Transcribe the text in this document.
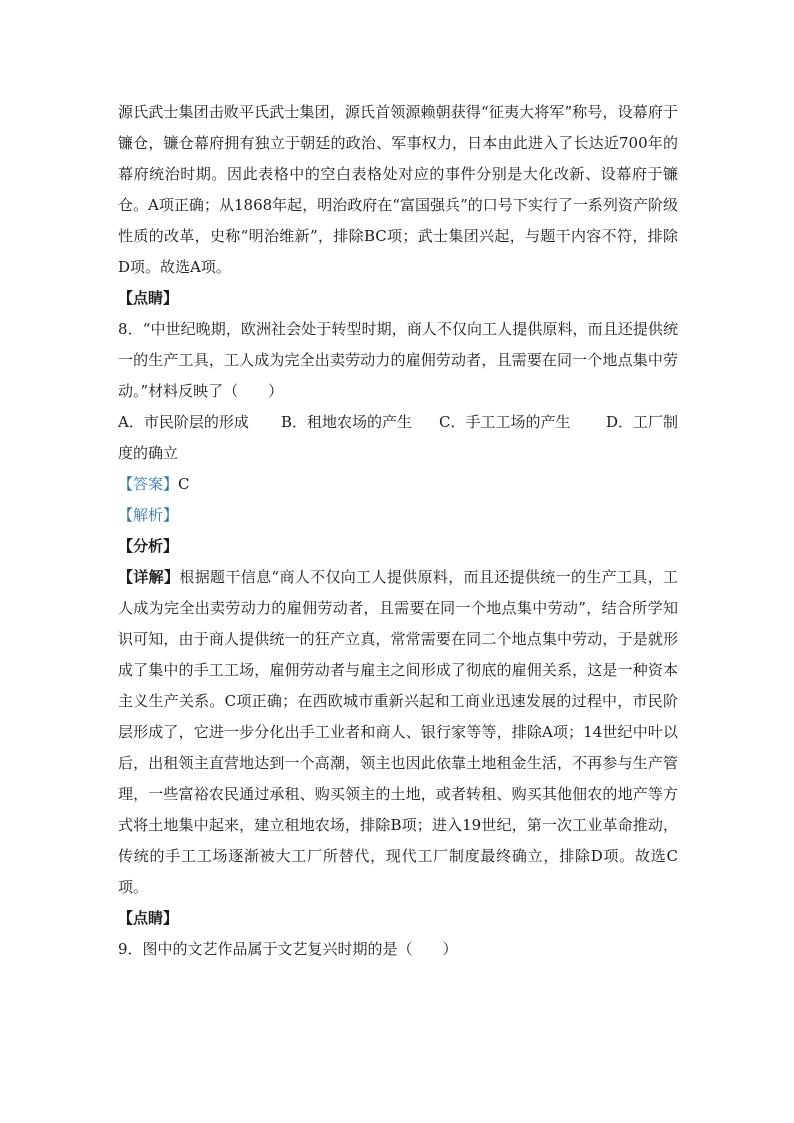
源氏武士集团击败平氏武士集团，源氏首领源赖朝获得“征夷大将军”称号，设幕府于镰仓，镰仓幕府拥有独立于朝廷的政治、军事权力，日本由此进入了长达近700年的幕府统治时期。因此表格中的空白表格处对应的事件分别是大化改新、设幕府于镰仓。A项正确；从1868年起，明治政府在“富国强兵”的口号下实行了一系列资产阶级性质的改革，史称“明治维新”，排除BC项；武士集团兴起，与题干内容不符，排除D项。故选A项。

【点睛】

8．“中世纪晚期，欧洲社会处于转型时期，商人不仅向工人提供原料，而且还提供统一的生产工具，工人成为完全出卖劳动力的雇佣劳动者，且需要在同一个地点集中劳动。”材料反映了（　　）

A．市民阶层的形成	B．租地农场的产生	C．手工工场的产生	D．工厂制

度的确立

【答案】C

【解析】

【分析】

【详解】根据题干信息“商人不仅向工人提供原料，而且还提供统一的生产工具，工人成为完全出卖劳动力的雇佣劳动者，且需要在同一个地点集中劳动”，结合所学知识可知，由于商人提供统一的狂产立真，常常需要在同二个地点集中劳动，于是就形成了集中的手工工场，雇佣劳动者与雇主之间形成了彻底的雇佣关系，这是一种资本主义生产关系。C项正确；在西欧城市重新兴起和工商业迅速发展的过程中，市民阶层形成了，它进一步分化出手工业者和商人、银行家等等，排除A项；14世纪中叶以后，出租领主直营地达到一个高潮，领主也因此依靠土地租金生活，不再参与生产管理，一些富裕农民通过承租、购买领主的土地，或者转租、购买其他佃农的地产等方式将土地集中起来，建立租地农场，排除B项；进入19世纪，第一次工业革命推动，传统的手工工场逐渐被大工厂所替代，现代工厂制度最终确立，排除D项。故选C项。

【点睛】

9．图中的文艺作品属于文艺复兴时期的是（　　）
